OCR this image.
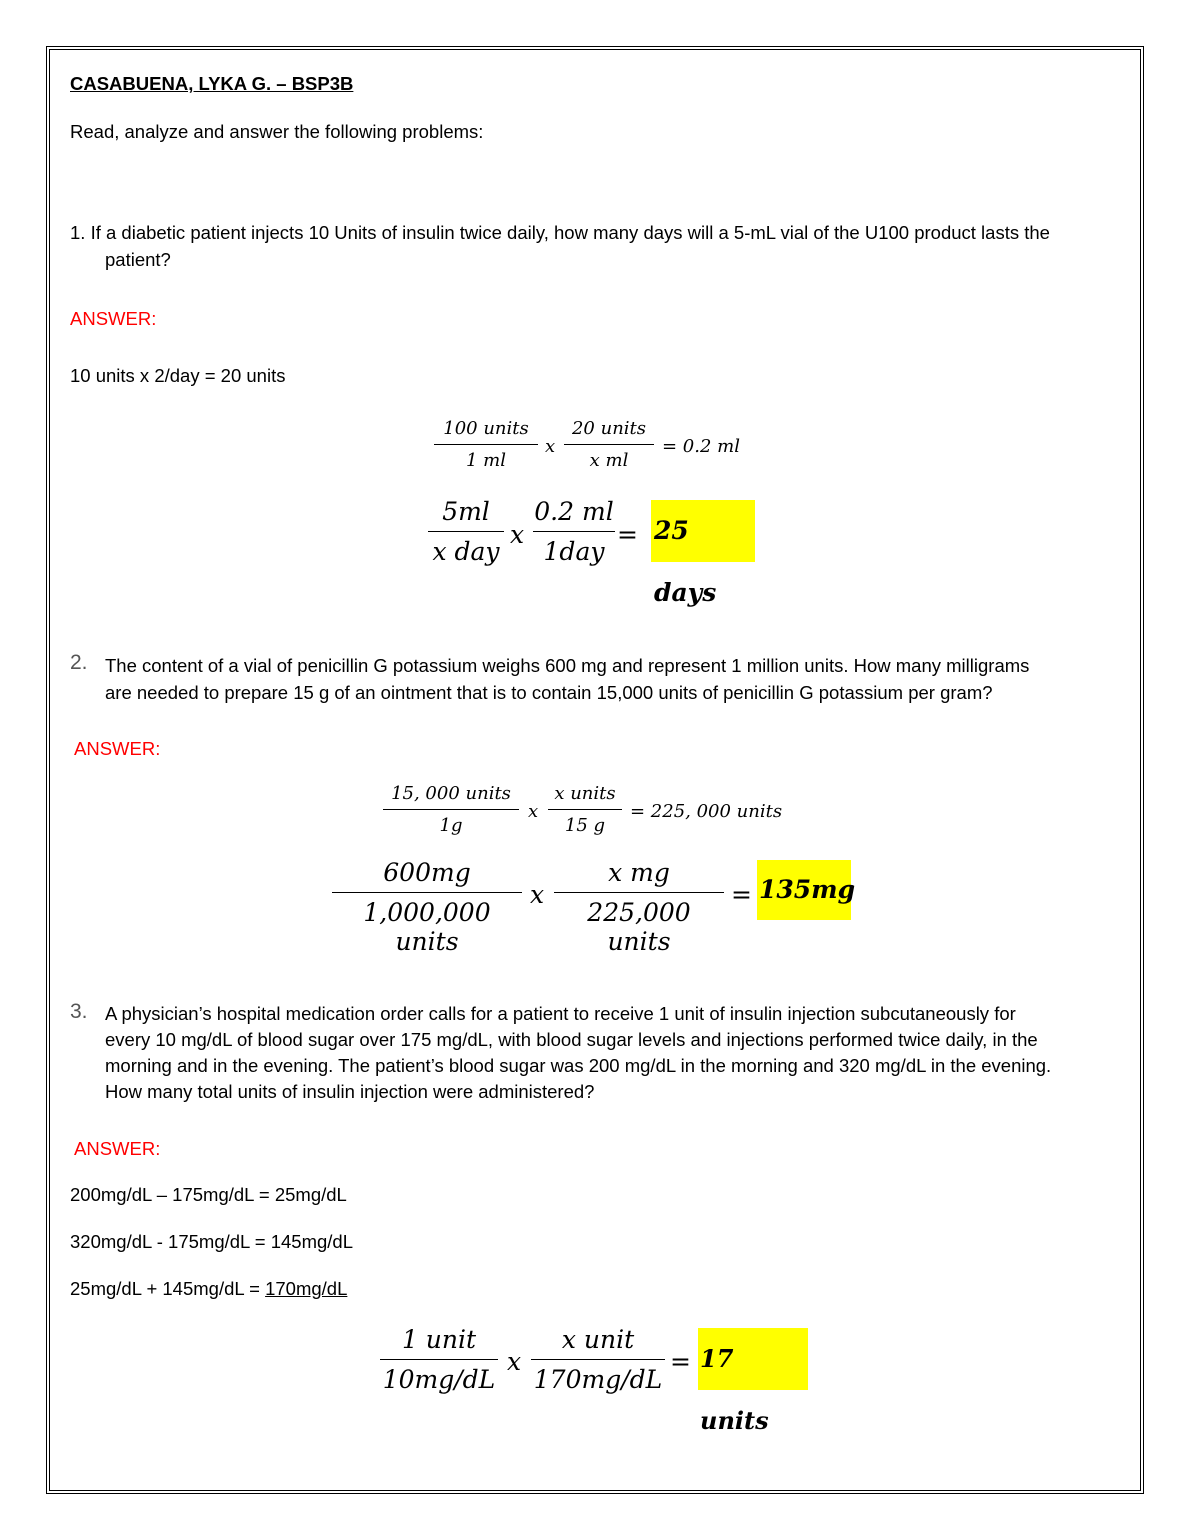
CASABUENA, LYKA G. – BSP3B
Read, analyze and answer the following problems:
1. If a diabetic patient injects 10 Units of insulin twice daily, how many days will a 5-mL vial of the U100 product lasts the
patient?
ANSWER:
10 units x 2/day = 20 units
100 units
1 ml
x
20 units
x ml
= 0.2 ml
5ml
x day
x
0.2 ml
1day
= 25 days
2. The content of a vial of penicillin G potassium weighs 600 mg and represent 1 million units. How many milligrams
are needed to prepare 15 g of an ointment that is to contain 15,000 units of penicillin G potassium per gram?
ANSWER:
15, 000 units
1g
x
x units
15 g
= 225, 000 units
600mg
1,000,000 units
x
x mg
225,000 units
= 135mg
3. A physician’s hospital medication order calls for a patient to receive 1 unit of insulin injection subcutaneously for
every 10 mg/dL of blood sugar over 175 mg/dL, with blood sugar levels and injections performed twice daily, in the
morning and in the evening. The patient’s blood sugar was 200 mg/dL in the morning and 320 mg/dL in the evening.
How many total units of insulin injection were administered?
ANSWER:
200mg/dL – 175mg/dL = 25mg/dL
320mg/dL - 175mg/dL = 145mg/dL
25mg/dL + 145mg/dL = 170mg/dL
1 unit
10mg/dL
x
x unit
170mg/dL
= 17 units
